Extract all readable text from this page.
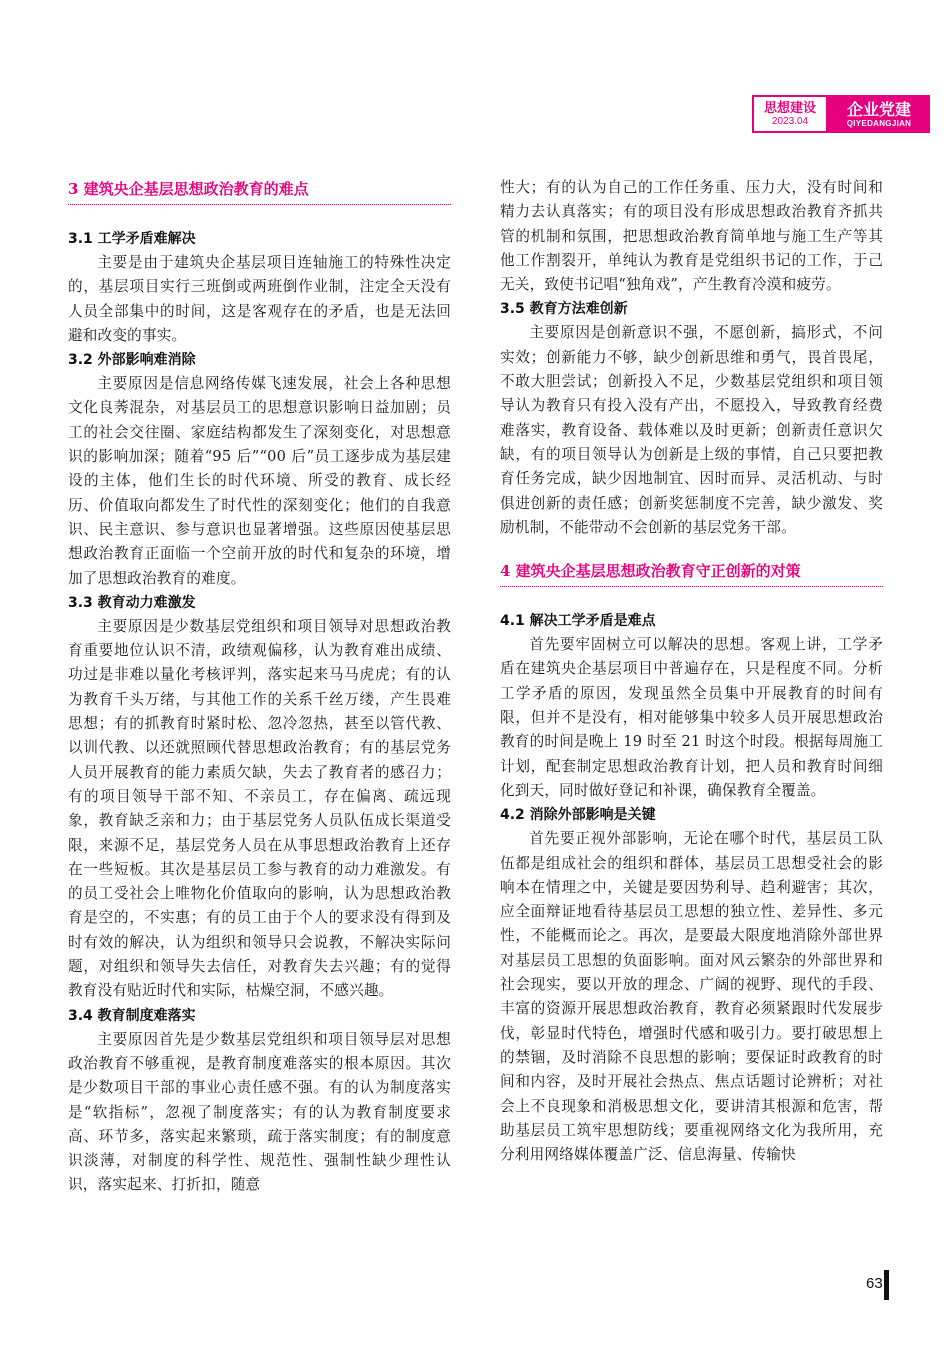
思想建设
2023.04
企业党建
QIYEDANGJIAN
3 建筑央企基层思想政治教育的难点
3.1 工学矛盾难解决

主要是由于建筑央企基层项目连轴施工的特殊性决定的，基层项目实行三班倒或两班倒作业制，注定全天没有人员全部集中的时间，这是客观存在的矛盾，也是无法回避和改变的事实。

3.2 外部影响难消除

主要原因是信息网络传媒飞速发展，社会上各种思想文化良莠混杂，对基层员工的思想意识影响日益加剧；员工的社会交往圈、家庭结构都发生了深刻变化，对思想意识的影响加深；随着“95 后”“00 后”员工逐步成为基层建设的主体，他们生长的时代环境、所受的教育、成长经历、价值取向都发生了时代性的深刻变化；他们的自我意识、民主意识、参与意识也显著增强。这些原因使基层思想政治教育正面临一个空前开放的时代和复杂的环境，增加了思想政治教育的难度。

3.3 教育动力难激发

主要原因是少数基层党组织和项目领导对思想政治教育重要地位认识不清，政绩观偏移，认为教育难出成绩、功过是非难以量化考核评判，落实起来马马虎虎；有的认为教育千头万绪，与其他工作的关系千丝万缕，产生畏难思想；有的抓教育时紧时松、忽冷忽热，甚至以管代教、以训代教、以还就照顾代替思想政治教育；有的基层党务人员开展教育的能力素质欠缺，失去了教育者的感召力；有的项目领导干部不知、不亲员工，存在偏离、疏远现象，教育缺乏亲和力；由于基层党务人员队伍成长渠道受限，来源不足，基层党务人员在从事思想政治教育上还存在一些短板。其次是基层员工参与教育的动力难激发。有的员工受社会上唯物化价值取向的影响，认为思想政治教育是空的，不实惠；有的员工由于个人的要求没有得到及时有效的解决，认为组织和领导只会说教，不解决实际问题，对组织和领导失去信任，对教育失去兴趣；有的觉得教育没有贴近时代和实际，枯燥空洞，不感兴趣。

3.4 教育制度难落实

主要原因首先是少数基层党组织和项目领导层对思想政治教育不够重视，是教育制度难落实的根本原因。其次是少数项目干部的事业心责任感不强。有的认为制度落实是“软指标”，忽视了制度落实；有的认为教育制度要求高、环节多，落实起来繁琐，疏于落实制度；有的制度意识淡薄，对制度的科学性、规范性、强制性缺少理性认识，落实起来、打折扣，随意

性大；有的认为自己的工作任务重、压力大，没有时间和精力去认真落实；有的项目没有形成思想政治教育齐抓共管的机制和氛围，把思想政治教育简单地与施工生产等其他工作割裂开，单纯认为教育是党组织书记的工作，于己无关，致使书记唱“独角戏”，产生教育冷漠和疲劳。

3.5 教育方法难创新

主要原因是创新意识不强，不愿创新，搞形式，不问实效；创新能力不够，缺少创新思维和勇气，畏首畏尾，不敢大胆尝试；创新投入不足，少数基层党组织和项目领导认为教育只有投入没有产出，不愿投入，导致教育经费难落实，教育设备、载体难以及时更新；创新责任意识欠缺，有的项目领导认为创新是上级的事情，自己只要把教育任务完成，缺少因地制宜、因时而异、灵活机动、与时俱进创新的责任感；创新奖惩制度不完善，缺少激发、奖励机制，不能带动不会创新的基层党务干部。

4 建筑央企基层思想政治教育守正创新的对策
4.1 解决工学矛盾是难点

首先要牢固树立可以解决的思想。客观上讲，工学矛盾在建筑央企基层项目中普遍存在，只是程度不同。分析工学矛盾的原因，发现虽然全员集中开展教育的时间有限，但并不是没有，相对能够集中较多人员开展思想政治教育的时间是晚上 19 时至 21 时这个时段。根据每周施工计划，配套制定思想政治教育计划，把人员和教育时间细化到天，同时做好登记和补课，确保教育全覆盖。

4.2 消除外部影响是关键

首先要正视外部影响，无论在哪个时代，基层员工队伍都是组成社会的组织和群体，基层员工思想受社会的影响本在情理之中，关键是要因势利导、趋利避害；其次，应全面辩证地看待基层员工思想的独立性、差异性、多元性，不能概而论之。再次，是要最大限度地消除外部世界对基层员工思想的负面影响。面对风云繁杂的外部世界和社会现实，要以开放的理念、广阔的视野、现代的手段、丰富的资源开展思想政治教育，教育必须紧跟时代发展步伐，彰显时代特色，增强时代感和吸引力。要打破思想上的禁锢，及时消除不良思想的影响；要保证时政教育的时间和内容，及时开展社会热点、焦点话题讨论辨析；对社会上不良现象和消极思想文化，要讲清其根源和危害，帮助基层员工筑牢思想防线；要重视网络文化为我所用，充分利用网络媒体覆盖广泛、信息海量、传输快

63
